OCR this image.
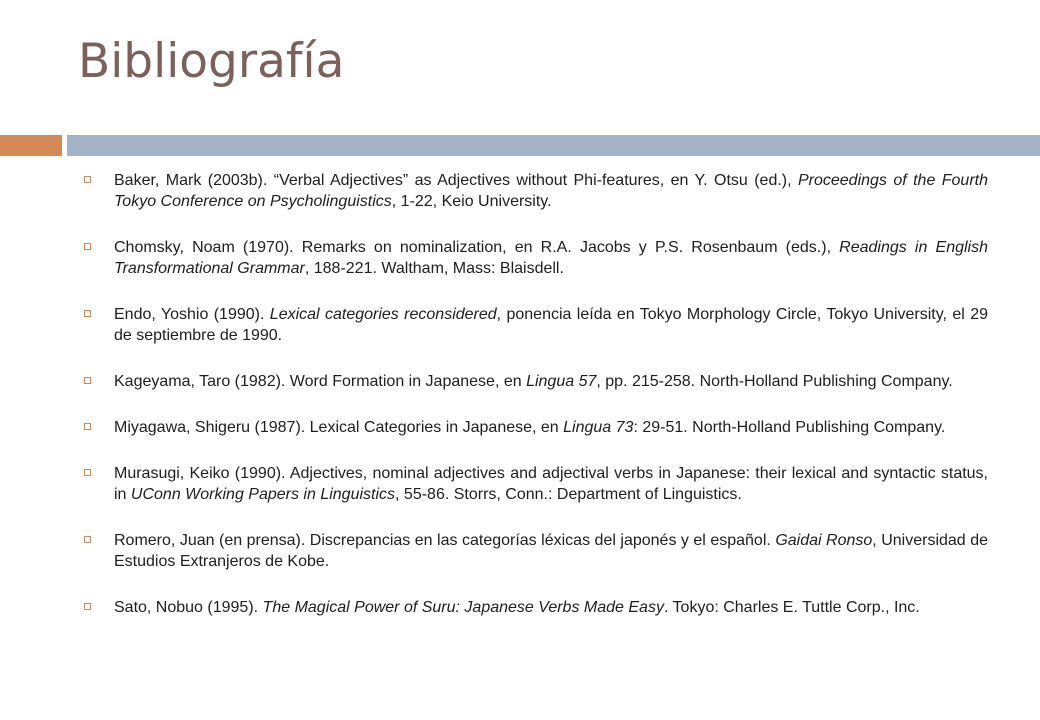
Bibliografía
Baker, Mark (2003b). “Verbal Adjectives” as Adjectives without Phi-features, en Y. Otsu (ed.), Proceedings of the Fourth Tokyo Conference on Psycholinguistics, 1-22, Keio University.
Chomsky, Noam (1970). Remarks on nominalization, en R.A. Jacobs y P.S. Rosenbaum (eds.), Readings in English Transformational Grammar, 188-221. Waltham, Mass: Blaisdell.
Endo, Yoshio (1990). Lexical categories reconsidered, ponencia leída en Tokyo Morphology Circle, Tokyo University, el 29 de septiembre de 1990.
Kageyama, Taro (1982). Word Formation in Japanese, en Lingua 57, pp. 215-258. North-Holland Publishing Company.
Miyagawa, Shigeru (1987). Lexical Categories in Japanese, en Lingua 73: 29-51. North-Holland Publishing Company.
Murasugi, Keiko (1990). Adjectives, nominal adjectives and adjectival verbs in Japanese: their lexical and syntactic status, in UConn Working Papers in Linguistics, 55-86. Storrs, Conn.: Department of Linguistics.
Romero, Juan (en prensa). Discrepancias en las categorías léxicas del japonés y el español. Gaidai Ronso, Universidad de Estudios Extranjeros de Kobe.
Sato, Nobuo (1995). The Magical Power of Suru: Japanese Verbs Made Easy. Tokyo: Charles E. Tuttle Corp., Inc.
